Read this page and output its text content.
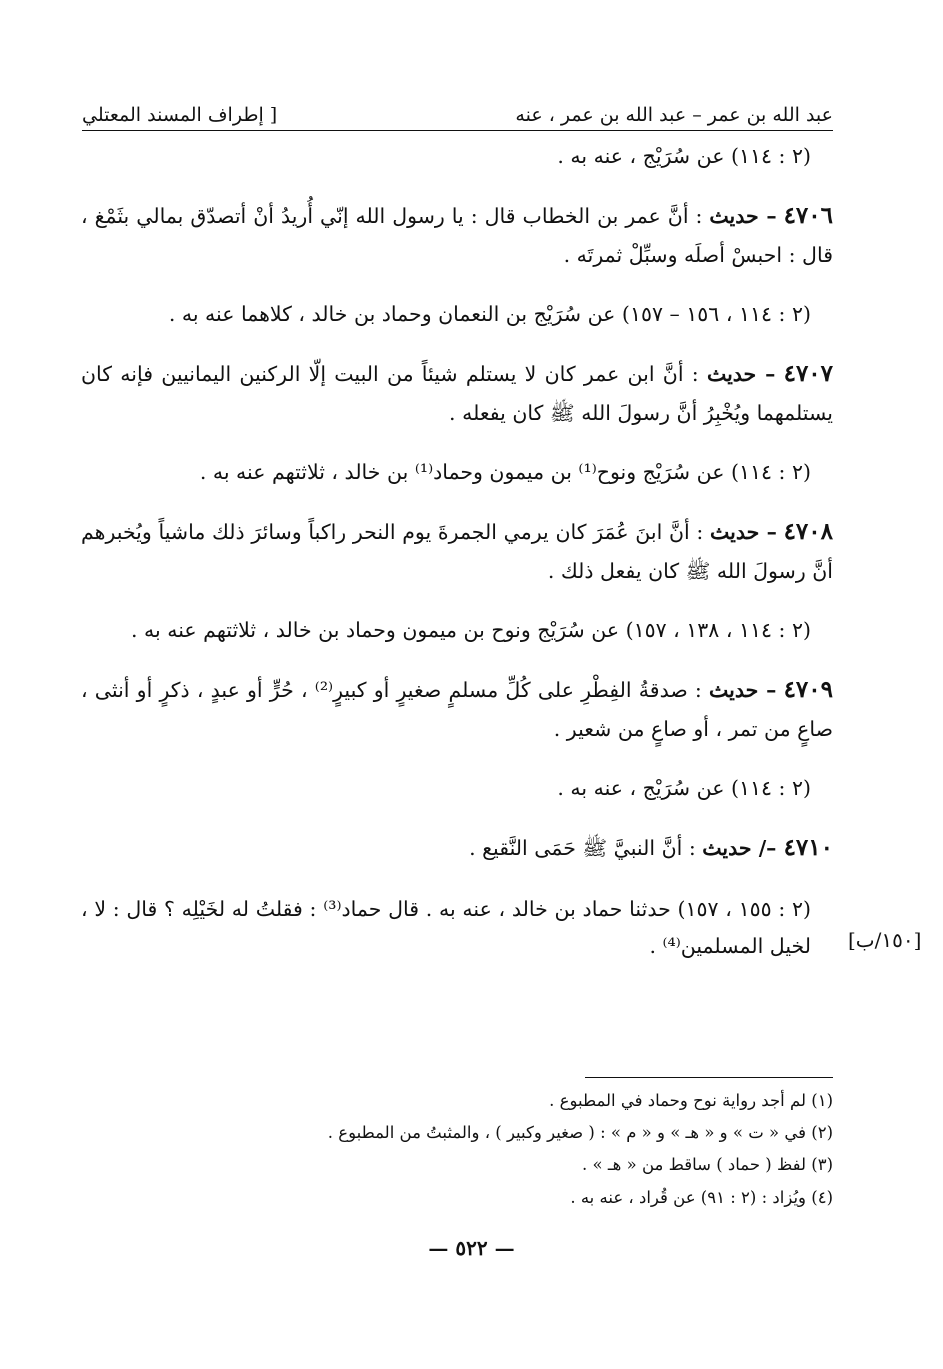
عبد الله بن عمر – عبد الله بن عمر ، عنه
[ إطراف المسند المعتلي

(٢ : ١١٤) عن سُرَيْج ، عنه به .

٤٧٠٦ – حديث : أنَّ عمر بن الخطاب قال : يا رسول الله إنّي أُريدُ أنْ أتصدّق بمالي بثَمْغ ، قال : احبسْ أصلَه وسبِّلْ ثمرتَه .

(٢ : ١١٤ ، ١٥٦ – ١٥٧) عن سُرَيْج بن النعمان وحماد بن خالد ، كلاهما عنه به .

٤٧٠٧ – حديث : أنَّ ابن عمر كان لا يستلم شيئاً من البيت إلّا الركنين اليمانيين فإنه كان يستلمهما ويُخْبِرُ أنَّ رسولَ الله ﷺ كان يفعله .

(٢ : ١١٤) عن سُرَيْج ونوح⁽¹⁾ بن ميمون وحماد⁽¹⁾ بن خالد ، ثلاثتهم عنه به .

٤٧٠٨ – حديث : أنَّ ابنَ عُمَرَ كان يرمي الجمرةَ يوم النحر راكباً وسائرَ ذلك ماشياً ويُخبرهم أنَّ رسولَ الله ﷺ كان يفعل ذلك .

(٢ : ١١٤ ، ١٣٨ ، ١٥٧) عن سُرَيْج ونوح بن ميمون وحماد بن خالد ، ثلاثتهم عنه به .

٤٧٠٩ – حديث : صدقةُ الفِطْرِ على كُلِّ مسلمٍ صغيرٍ أو كبيرٍ⁽²⁾ ، حُرٍّ أو عبدٍ ، ذكرٍ أو أنثى ، صاعٍ من تمر ، أو صاعٍ من شعير .

(٢ : ١١٤) عن سُرَيْج ، عنه به .

٤٧١٠ –/ حديث : أنَّ النبيَّ ﷺ حَمَى النَّقيع .

(٢ : ١٥٥ ، ١٥٧) حدثنا حماد بن خالد ، عنه به . قال حماد⁽³⁾ : فقلتُ له لخَيْلِه ؟ قال : لا ، لخيل المسلمين⁽⁴⁾ .	[١٥٠/ب]
(١) لم أجد رواية نوح وحماد في المطبوع .
(٢) في « ت » و « هـ » و « م » : ( صغير وكبير ) ، والمثبتُ من المطبوع .
(٣) لفظ ( حماد ) ساقط من « هـ » .
(٤) ويُزاد : (٢ : ٩١) عن قُراد ، عنه به .
— ٥٢٢ —
